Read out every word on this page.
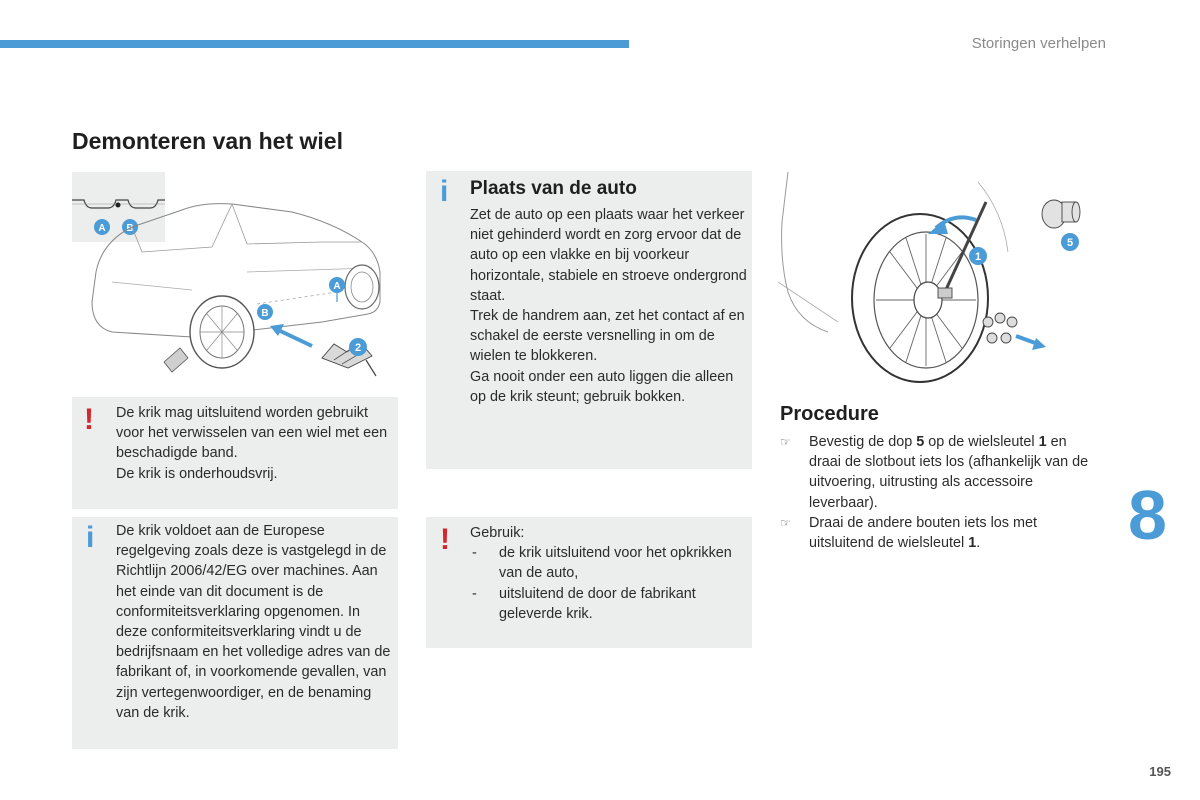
Storingen verhelpen
Demonteren van het wiel
A B
A
B
2
1
5
! De krik mag uitsluitend worden gebruikt voor het verwisselen van een wiel met een beschadigde band.

De krik is onderhoudsvrij.

i De krik voldoet aan de Europese regelgeving zoals deze is vastgelegd in de Richtlijn 2006/42/EG over machines. Aan het einde van dit document is de conformiteitsverklaring opgenomen. In deze conformiteitsverklaring vindt u de bedrijfsnaam en het volledige adres van de fabrikant of, in voorkomende gevallen, van zijn vertegenwoordiger, en de benaming van de krik.

i Plaats van de auto

Zet de auto op een plaats waar het verkeer niet gehinderd wordt en zorg ervoor dat de auto op een vlakke en bij voorkeur horizontale, stabiele en stroeve ondergrond staat.

Trek de handrem aan, zet het contact af en schakel de eerste versnelling in om de wielen te blokkeren.

Ga nooit onder een auto liggen die alleen op de krik steunt; gebruik bokken.

! Gebruik:

- de krik uitsluitend voor het opkrikken van de auto,
- uitsluitend de door de fabrikant geleverde krik.
Procedure
☞ Bevestig de dop 5 op de wielsleutel 1 en draai de slotbout iets los (afhankelijk van de uitvoering, uitrusting als accessoire leverbaar).
☞ Draai de andere bouten iets los met uitsluitend de wielsleutel 1.	8
195
